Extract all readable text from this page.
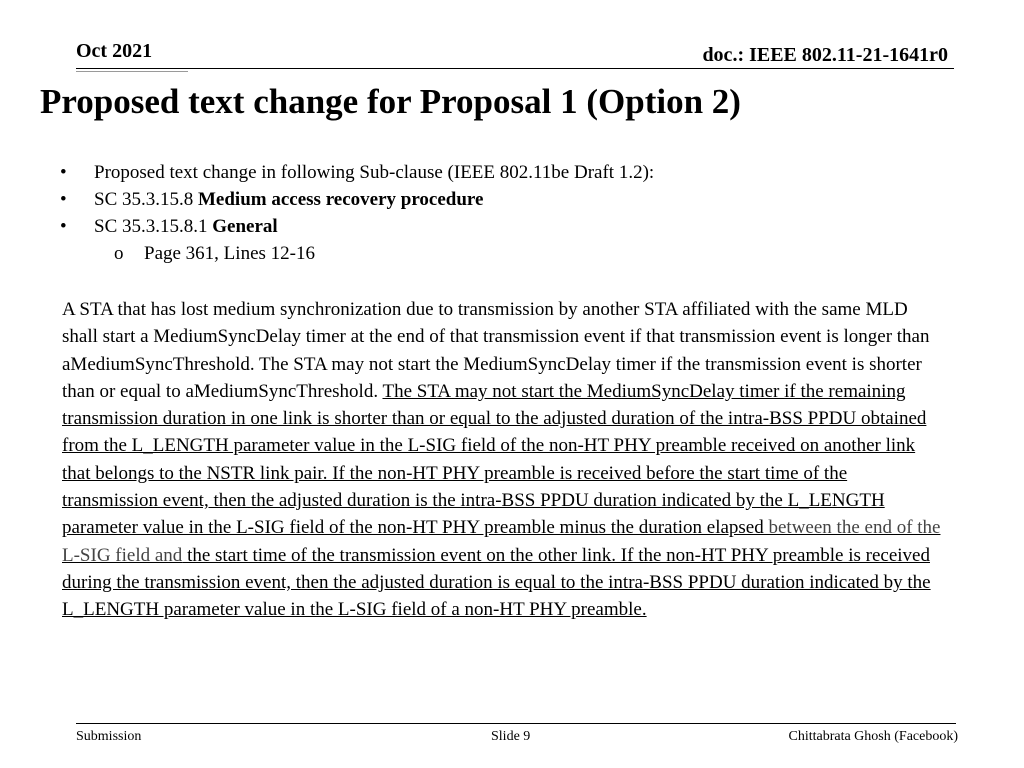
Oct 2021	doc.: IEEE 802.11-21-1641r0
Proposed text change for Proposal 1 (Option 2)
• Proposed text change in following Sub-clause (IEEE 802.11be Draft 1.2):
• SC 35.3.15.8 Medium access recovery procedure
• SC 35.3.15.8.1 General
o Page 361, Lines 12-16

A STA that has lost medium synchronization due to transmission by another STA affiliated with the same MLD shall start a MediumSyncDelay timer at the end of that transmission event if that transmission event is longer than aMediumSyncThreshold. The STA may not start the MediumSyncDelay timer if the transmission event is shorter than or equal to aMediumSyncThreshold. The STA may not start the MediumSyncDelay timer if the remaining transmission duration in one link is shorter than or equal to the adjusted duration of the intra-BSS PPDU obtained from the L_LENGTH parameter value in the L-SIG field of the non-HT PHY preamble received on another link that belongs to the NSTR link pair. If the non-HT PHY preamble is received before the start time of the transmission event, then the adjusted duration is the intra-BSS PPDU duration indicated by the L_LENGTH parameter value in the L-SIG field of the non-HT PHY preamble minus the duration elapsed between the end of the L-SIG field and the start time of the transmission event on the other link. If the non-HT PHY preamble is received during the transmission event, then the adjusted duration is equal to the intra-BSS PPDU duration indicated by the L_LENGTH parameter value in the L-SIG field of a non-HT PHY preamble.

Submission	Slide 9	Chittabrata Ghosh (Facebook)
